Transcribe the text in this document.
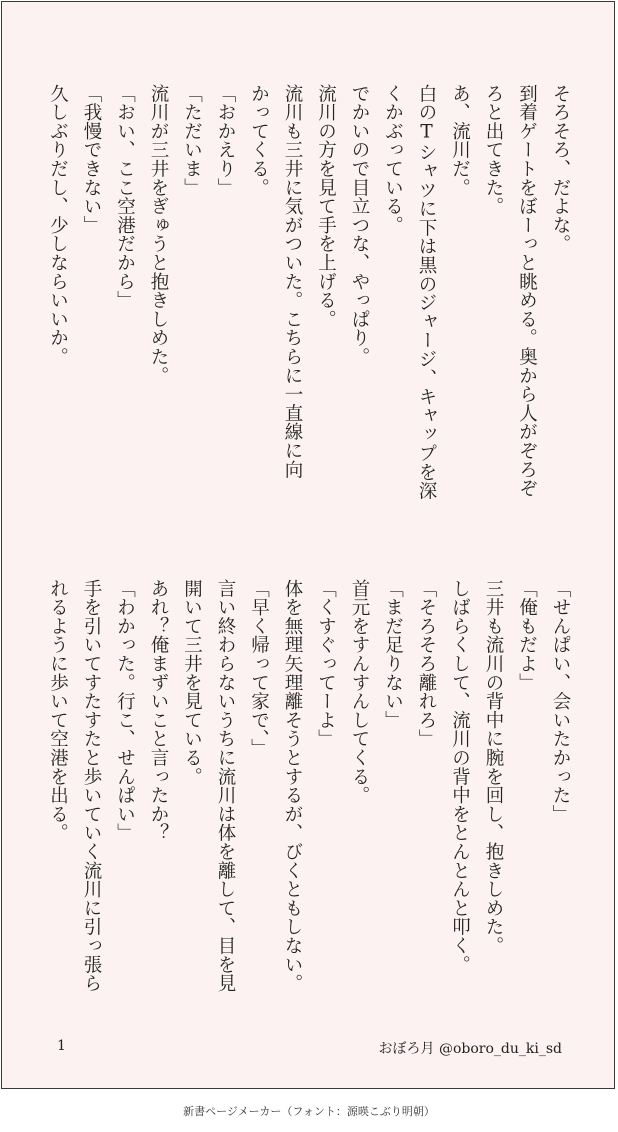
そろそろ、だよな。
到着ゲートをぼーっと眺める。奥から人がぞろぞ
ろと出てきた。
あ、流川だ。
白のTシャツに下は黒のジャージ、キャップを深
くかぶっている。
でかいので目立つな、やっぱり。
流川の方を見て手を上げる。
流川も三井に気がついた。こちらに一直線に向
かってくる。
「おかえり」
「ただいま」
流川が三井をぎゅうと抱きしめた。
「おい、ここ空港だから」
「我慢できない」
久しぶりだし、少しならいいか。
「せんぱい、会いたかった」
「俺もだよ」
三井も流川の背中に腕を回し、抱きしめた。
しばらくして、流川の背中をとんとんと叩く。
「そろそろ離れろ」
「まだ足りない」
首元をすんすんしてくる。
「くすぐってーよ」
体を無理矢理離そうとするが、びくともしない。
「早く帰って家で、」
言い終わらないうちに流川は体を離して、目を見
開いて三井を見ている。
あれ？俺まずいこと言ったか？
「わかった。行こ、せんぱい」
手を引いてすたすたと歩いていく流川に引っ張ら
れるように歩いて空港を出る。
1	おぼろ月 @oboro_du_ki_sd
新書ページメーカー（フォント：源暎こぶり明朝）
